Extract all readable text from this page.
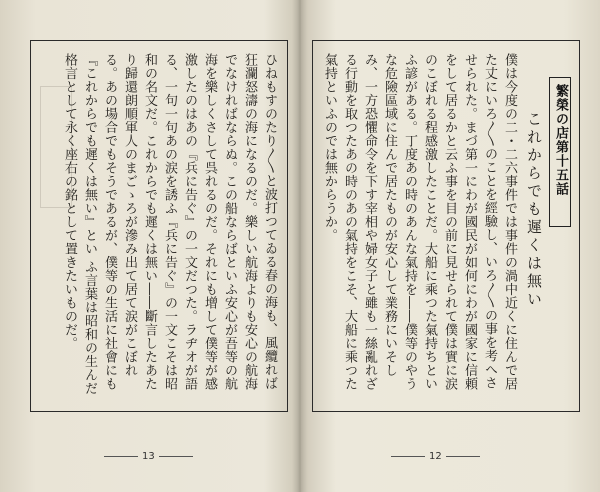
ひねもすのたり〳〵と波打つてゐる春の海も、風纜れば狂瀾怒濤の海になるのだ。樂しい航海よりも安心の航海でなければならぬ。この船ならばといふ安心が吾等の航海を樂しくさして呉れるのだ。それにも增して僕等が感激したのはあの『兵に告ぐ』の一文だつた。ラヂオが語る、一句一句あの涙を誘ふ『兵に告ぐ』の一文こそは昭和の名文だ。これからでも遲くは無い――斷言したあたり歸還朗順軍人のまごゝろが滲み出て居て涙がこぼれる。あの場合でもそうであるが、僕等の生活に社會にも『これからでも遲くは無い』とい ふ言葉は昭和の生んだ格言として永く座右の銘として置きたいものだ。	繁榮の店第十五話
これからでも遲くは無い
僕は今度の二・二六事件では事件の渦中近くに住んで居た丈にいろ〳〵のことを經驗し、いろ〳〵の事を考へさせられた。まづ第一にわが國民が如何にわが國家に信頼をして居るかと云ふ事を目の前に見せられて僕は實に涙のこぼれる程感激したことだ。大船に乘つた氣持ちといふ諺がある。丁度あの時のあんな氣持を――僕等のやうな危險區域に住んで居たものが安心して業務にいそしみ、一方恐懼命令を下す宰相や婦女子と雖も一絲亂れざる行動を取つたあの時のあの氣持をこそ、大船に乘つた氣持といふのでは無からうか。
13	12
